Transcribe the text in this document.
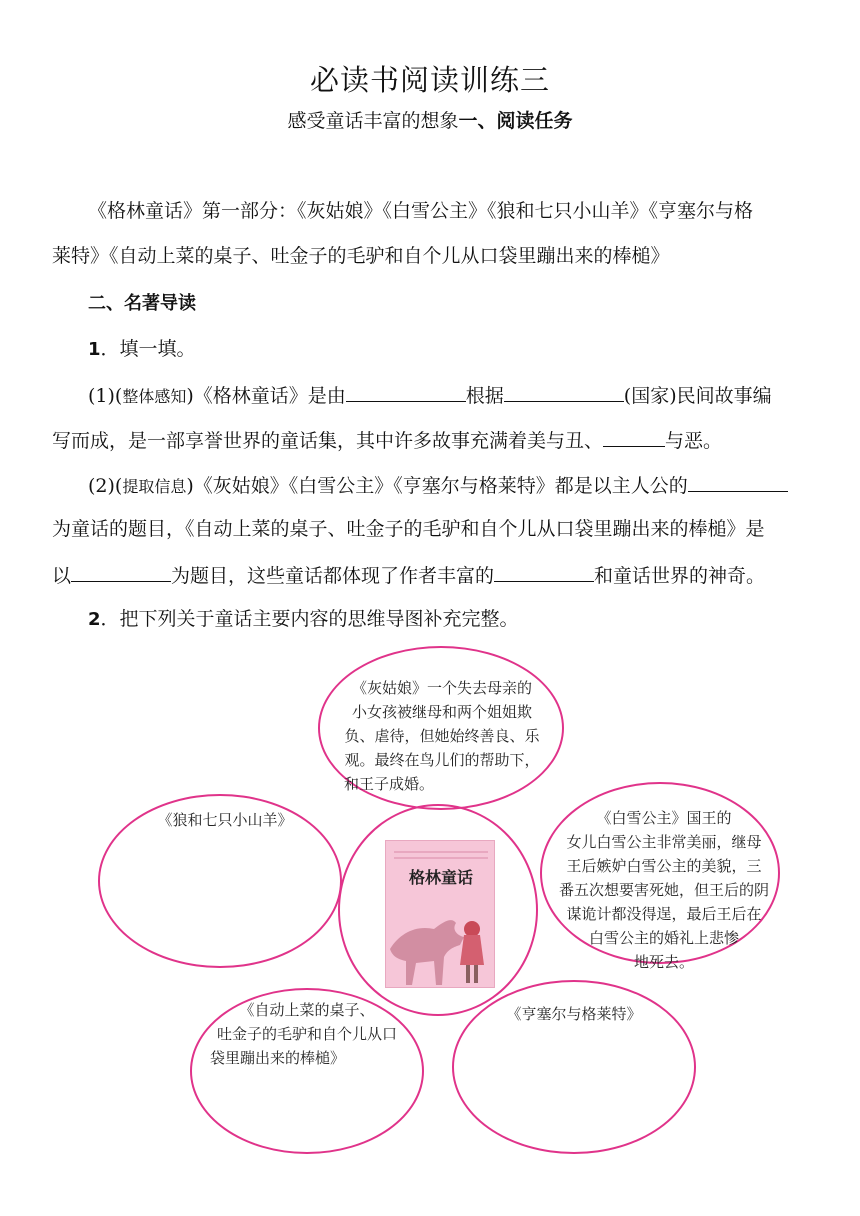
必读书阅读训练三
感受童话丰富的想象一、阅读任务
《格林童话》第一部分：《灰姑娘》《白雪公主》《狼和七只小山羊》《亨塞尔与格
莱特》《自动上菜的桌子、吐金子的毛驴和自个儿从口袋里蹦出来的棒槌》
二、名著导读
1．填一填。
(1)(整体感知)《格林童话》是由	根据	(国家)民间故事编
写而成，是一部享誉世界的童话集，其中许多故事充满着美与丑、	与恶。
(2)(提取信息)《灰姑娘》《白雪公主》《亨塞尔与格莱特》都是以主人公的
为童话的题目，《自动上菜的桌子、吐金子的毛驴和自个儿从口袋里蹦出来的棒槌》是
以	为题目，这些童话都体现了作者丰富的	和童话世界的神奇。
2．把下列关于童话主要内容的思维导图补充完整。
《灰姑娘》一个失去母亲的
小女孩被继母和两个姐姐欺
负、虐待，但她始终善良、乐
观。最终在鸟儿们的帮助下，
和王子成婚。
《狼和七只小山羊》	《白雪公主》国王的
女儿白雪公主非常美丽，继母
王后嫉妒白雪公主的美貌，三
番五次想要害死她，但王后的阴
谋诡计都没得逞，最后王后在
白雪公主的婚礼上悲惨
地死去。
《自动上菜的桌子、
吐金子的毛驴和自个儿从口
袋里蹦出来的棒槌》
《亨塞尔与格莱特》
格林童话
